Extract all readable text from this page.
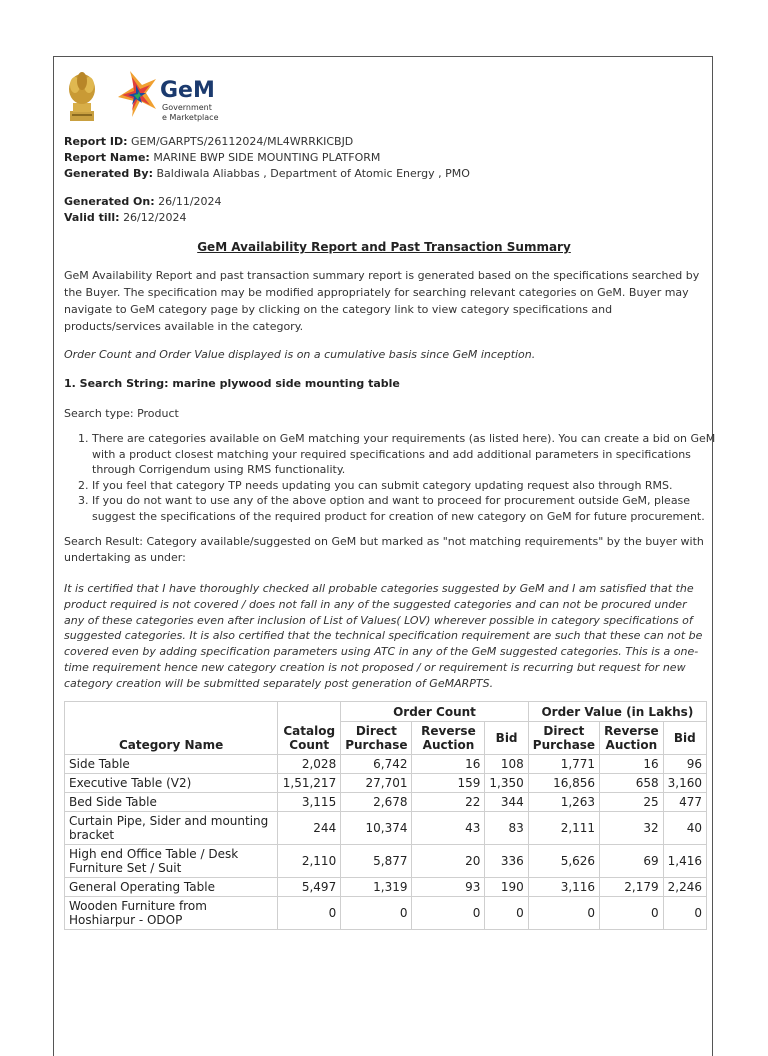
GeM
Government
e Marketplace
Report ID: GEM/GARPTS/26112024/ML4WRRKICBJD
Report Name: MARINE BWP SIDE MOUNTING PLATFORM
Generated By: Baldiwala Aliabbas , Department of Atomic Energy , PMO
Generated On: 26/11/2024
Valid till: 26/12/2024
GeM Availability Report and Past Transaction Summary
GeM Availability Report and past transaction summary report is generated based on the specifications searched by the Buyer. The specification may be modified appropriately for searching relevant categories on GeM. Buyer may navigate to GeM category page by clicking on the category link to view category specifications and products/services available in the category.
Order Count and Order Value displayed is on a cumulative basis since GeM inception.
1. Search String: marine plywood side mounting table
Search type: Product
1. There are categories available on GeM matching your requirements (as listed here). You can create a bid on GeM with a product closest matching your required specifications and add additional parameters in specifications through Corrigendum using RMS functionality.
2. If you feel that category TP needs updating you can submit category updating request also through RMS.
3. If you do not want to use any of the above option and want to proceed for procurement outside GeM, please suggest the specifications of the required product for creation of new category on GeM for future procurement.
Search Result: Category available/suggested on GeM but marked as "not matching requirements" by the buyer with undertaking as under:
It is certified that I have thoroughly checked all probable categories suggested by GeM and I am satisfied that the product required is not covered / does not fall in any of the suggested categories and can not be procured under any of these categories even after inclusion of List of Values( LOV) wherever possible in category specifications of suggested categories. It is also certified that the technical specification requirement are such that these can not be covered even by adding specification parameters using ATC in any of the GeM suggested categories. This is a one-time requirement hence new category creation is not proposed / or requirement is recurring but request for new category creation will be submitted separately post generation of GeMARPTS.
Category Name	Catalog Count	Order Count			Order Value (in Lakhs)		
		Direct Purchase	Reverse Auction	Bid	Direct Purchase	Reverse Auction	Bid
Side Table	2,028	6,742	16	108	1,771	16	96
Executive Table (V2)	1,51,217	27,701	159	1,350	16,856	658	3,160
Bed Side Table	3,115	2,678	22	344	1,263	25	477
Curtain Pipe, Sider and mounting bracket	244	10,374	43	83	2,111	32	40
High end Office Table / Desk Furniture Set / Suit	2,110	5,877	20	336	5,626	69	1,416
General Operating Table	5,497	1,319	93	190	3,116	2,179	2,246
Wooden Furniture from Hoshiarpur - ODOP	0	0	0	0	0	0	0
